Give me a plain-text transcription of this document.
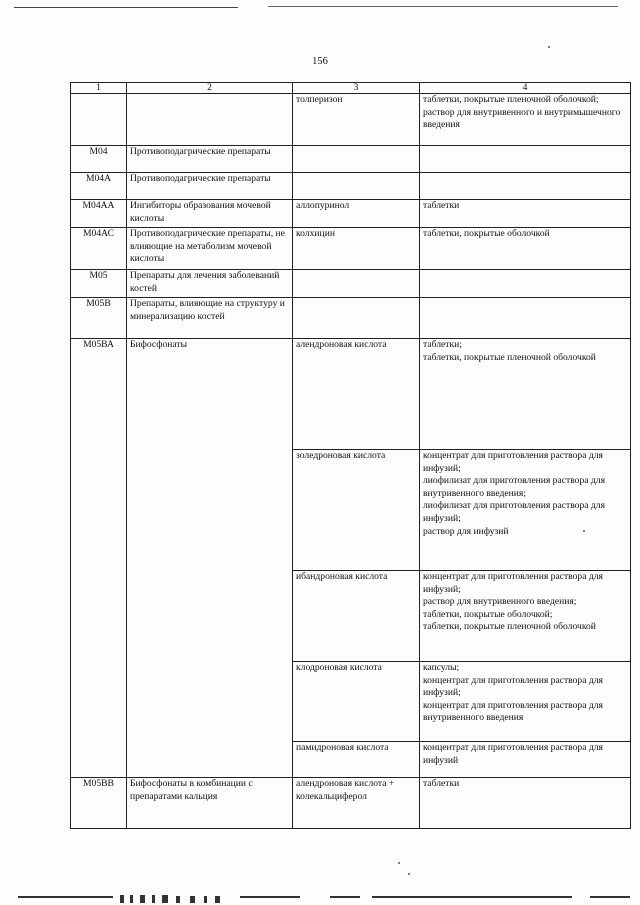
156
1	2	3	4
		толперизон	таблетки, покрытые пленочной оболочкой;
раствор для внутривенного и внутримышечного введения
М04	Противоподагрические препараты		
М04А	Противоподагрические препараты		
М04АА	Ингибиторы образования мочевой кислоты	аллопуринол	таблетки
М04АС	Противоподагрические препараты, не влияющие на метаболизм мочевой кислоты	колхицин	таблетки, покрытые оболочкой
М05	Препараты для лечения заболеваний костей		
М05В	Препараты, влияющие на структуру и минерализацию костей		
М05ВА	Бифосфонаты	алендроновая кислота	таблетки;
таблетки, покрытые пленочной оболочкой
		золедроновая кислота	концентрат для приготовления раствора для инфузий;
лиофилизат для приготовления раствора для внутривенного введения;
лиофилизат для приготовления раствора для инфузий;
раствор для инфузий
		ибандроновая кислота	концентрат для приготовления раствора для инфузий;
раствор для внутривенного введения;
таблетки, покрытые оболочкой;
таблетки, покрытые пленочной оболочкой
		клодроновая кислота	капсулы;
концентрат для приготовления раствора для инфузий;
концентрат для приготовления раствора для внутривенного введения
		памидроновая кислота	концентрат для приготовления раствора для инфузий
М05ВВ	Бифосфонаты в комбинации с препаратами кальция	алендроновая кислота +
колекальциферол	таблетки
